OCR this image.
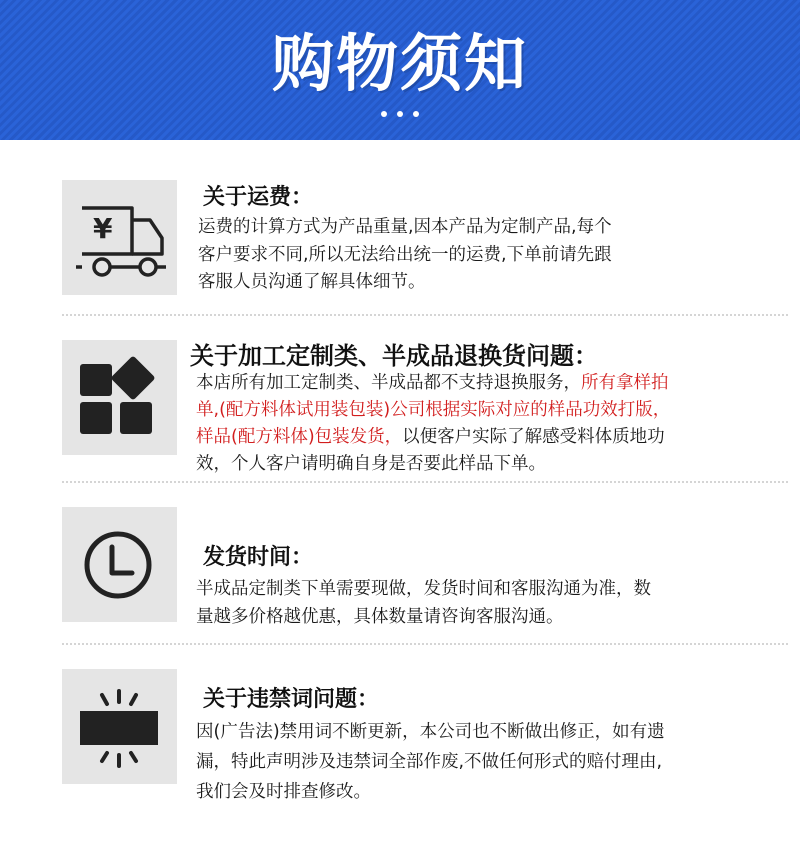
购物须知
¥
关于运费：
运费的计算方式为产品重量,因本产品为定制产品,每个
客户要求不同,所以无法给出统一的运费,下单前请先跟
客服人员沟通了解具体细节。
关于加工定制类、半成品退换货问题：
本店所有加工定制类、半成品都不支持退换服务，所有拿样拍
单,(配方料体试用装包装)公司根据实际对应的样品功效打版，
样品(配方料体)包装发货，以便客户实际了解感受料体质地功
效，个人客户请明确自身是否要此样品下单。
发货时间：
半成品定制类下单需要现做，发货时间和客服沟通为准，数
量越多价格越优惠，具体数量请咨询客服沟通。
关于违禁词问题：
因(广告法)禁用词不断更新，本公司也不断做出修正，如有遗
漏，特此声明涉及违禁词全部作废,不做任何形式的赔付理由,
我们会及时排查修改。
